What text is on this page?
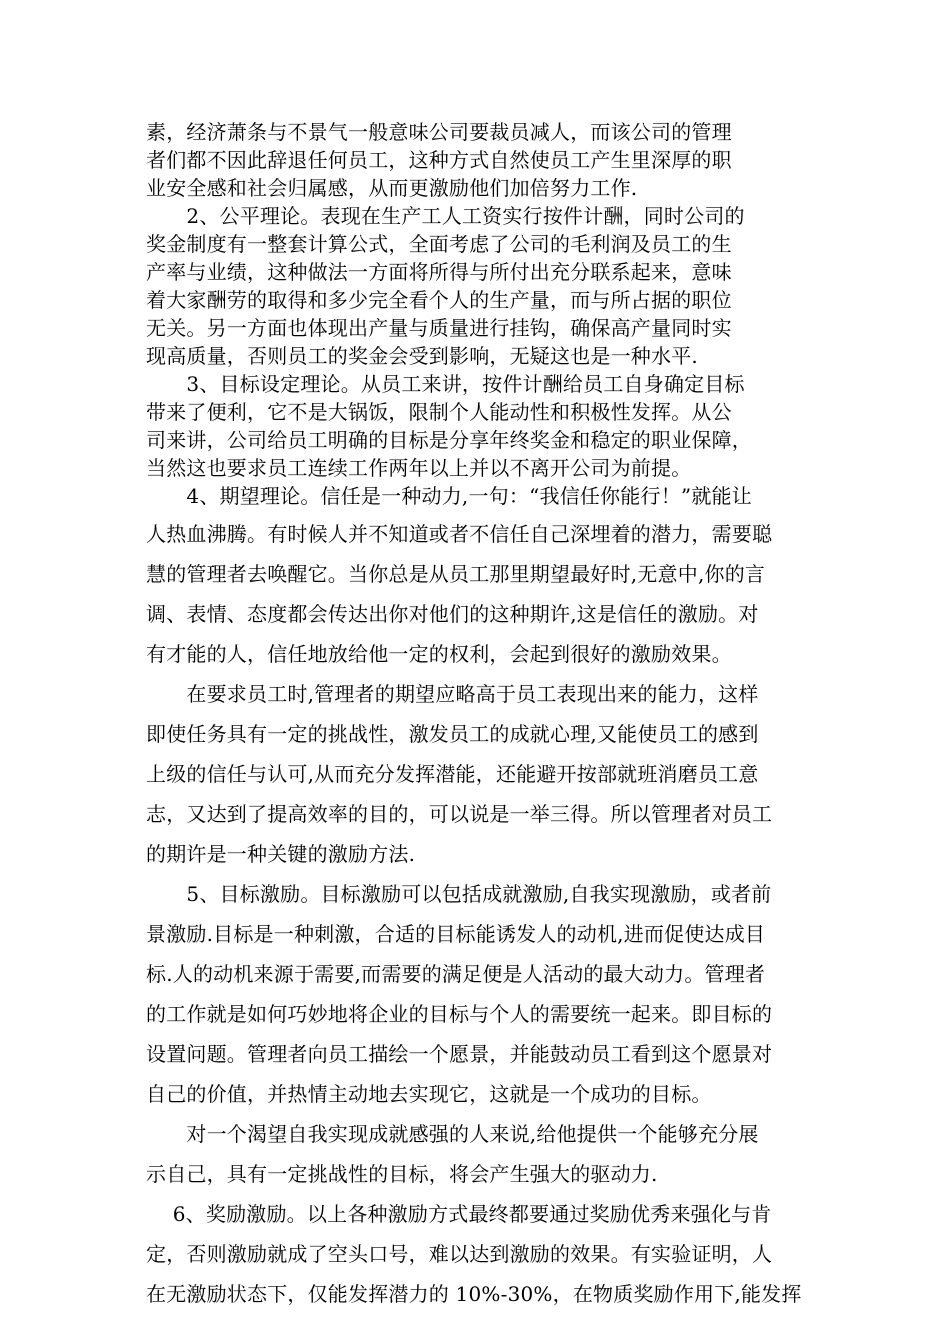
素，经济萧条与不景气一般意味公司要裁员减人，而该公司的管理
者们都不因此辞退任何员工，这种方式自然使员工产生里深厚的职
业安全感和社会归属感，从而更激励他们加倍努力工作.
　　2、公平理论。表现在生产工人工资实行按件计酬，同时公司的
奖金制度有一整套计算公式，全面考虑了公司的毛利润及员工的生
产率与业绩，这种做法一方面将所得与所付出充分联系起来，意味
着大家酬劳的取得和多少完全看个人的生产量，而与所占据的职位
无关。另一方面也体现出产量与质量进行挂钩，确保高产量同时实
现高质量，否则员工的奖金会受到影响，无疑这也是一种水平.
　　3、目标设定理论。从员工来讲，按件计酬给员工自身确定目标
带来了便利，它不是大锅饭，限制个人能动性和积极性发挥。从公
司来讲，公司给员工明确的目标是分享年终奖金和稳定的职业保障，
当然这也要求员工连续工作两年以上并以不离开公司为前提。
　　4、期望理论。信任是一种动力,一句：“我信任你能行！”就能让
人热血沸腾。有时候人并不知道或者不信任自己深埋着的潜力，需要聪
慧的管理者去唤醒它。当你总是从员工那里期望最好时,无意中,你的言
调、表情、态度都会传达出你对他们的这种期许,这是信任的激励。对
有才能的人，信任地放给他一定的权利，会起到很好的激励效果。
　　在要求员工时,管理者的期望应略高于员工表现出来的能力，这样
即使任务具有一定的挑战性，激发员工的成就心理,又能使员工的感到
上级的信任与认可,从而充分发挥潜能，还能避开按部就班消磨员工意
志，又达到了提高效率的目的，可以说是一举三得。所以管理者对员工
的期许是一种关键的激励方法.
　　5、目标激励。目标激励可以包括成就激励,自我实现激励，或者前
景激励.目标是一种刺激，合适的目标能诱发人的动机,进而促使达成目
标.人的动机来源于需要,而需要的满足便是人活动的最大动力。管理者
的工作就是如何巧妙地将企业的目标与个人的需要统一起来。即目标的
设置问题。管理者向员工描绘一个愿景，并能鼓动员工看到这个愿景对
自己的价值，并热情主动地去实现它，这就是一个成功的目标。
　　对一个渴望自我实现成就感强的人来说,给他提供一个能够充分展
示自己，具有一定挑战性的目标，将会产生强大的驱动力.
　 6、奖励激励。以上各种激励方式最终都要通过奖励优秀来强化与肯
定，否则激励就成了空头口号，难以达到激励的效果。有实验证明，人
在无激励状态下，仅能发挥潜力的 10%-30%，在物质奖励作用下,能发挥
